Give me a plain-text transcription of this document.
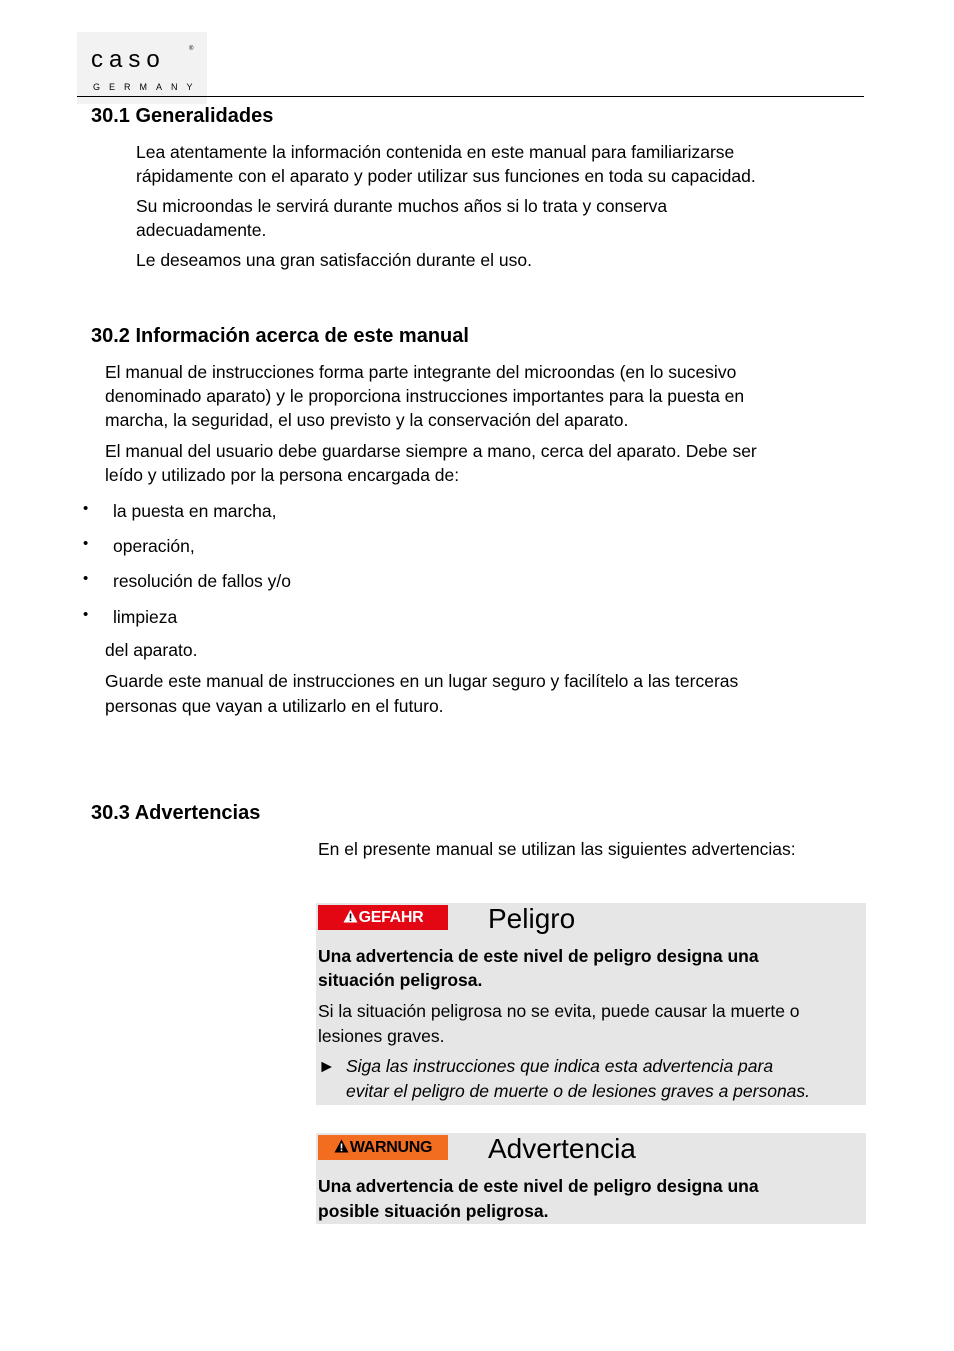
caso	®
GERMANY
30.1 Generalidades
Lea atentamente la información contenida en este manual para familiarizarse
rápidamente con el aparato y poder utilizar sus funciones en toda su capacidad.
Su microondas le servirá durante muchos años si lo trata y conserva
adecuadamente.
Le deseamos una gran satisfacción durante el uso.
30.2 Información acerca de este manual
El manual de instrucciones forma parte integrante del microondas (en lo sucesivo
denominado aparato) y le proporciona instrucciones importantes para la puesta en
marcha, la seguridad, el uso previsto y la conservación del aparato.
El manual del usuario debe guardarse siempre a mano, cerca del aparato. Debe ser
leído y utilizado por la persona encargada de:
• la puesta en marcha,
• operación,
• resolución de fallos y/o
• limpieza
del aparato.
Guarde este manual de instrucciones en un lugar seguro y facilítelo a las terceras
personas que vayan a utilizarlo en el futuro.
30.3 Advertencias
En el presente manual se utilizan las siguientes advertencias:
GEFAHR	Peligro
Una advertencia de este nivel de peligro designa una
situación peligrosa.
Si la situación peligrosa no se evita, puede causar la muerte o
lesiones graves.
► Siga las instrucciones que indica esta advertencia para
evitar el peligro de muerte o de lesiones graves a personas.
WARNUNG	Advertencia
Una advertencia de este nivel de peligro designa una
posible situación peligrosa.
